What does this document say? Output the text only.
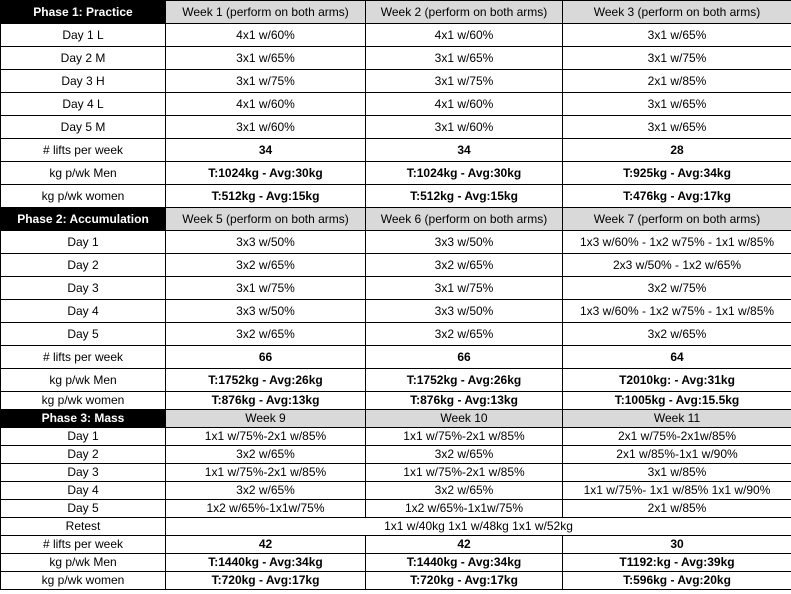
Phase 1: Practice	Week 1 (perform on both arms)	Week 2 (perform on both arms)	Week 3 (perform on both arms)
Day 1 L	4x1 w/60%	4x1 w/60%	3x1 w/65%
Day 2 M	3x1 w/65%	3x1 w/65%	3x1 w/75%
Day 3 H	3x1 w/75%	3x1 w/75%	2x1 w/85%
Day 4 L	4x1 w/60%	4x1 w/60%	3x1 w/65%
Day 5 M	3x1 w/60%	3x1 w/60%	3x1 w/65%
# lifts per week	34	34	28
kg p/wk Men	T:1024kg - Avg:30kg	T:1024kg - Avg:30kg	T:925kg - Avg:34kg
kg p/wk women	T:512kg - Avg:15kg	T:512kg - Avg:15kg	T:476kg - Avg:17kg
Phase 2: Accumulation	Week 5 (perform on both arms)	Week 6 (perform on both arms)	Week 7 (perform on both arms)
Day 1	3x3 w/50%	3x3 w/50%	1x3 w/60% - 1x2 w75% - 1x1 w/85%
Day 2	3x2 w/65%	3x2 w/65%	2x3 w/50% - 1x2 w/65%
Day 3	3x1 w/75%	3x1 w/75%	3x2 w/75%
Day 4	3x3 w/50%	3x3 w/50%	1x3 w/60% - 1x2 w75% - 1x1 w/85%
Day 5	3x2 w/65%	3x2 w/65%	3x2 w/65%
# lifts per week	66	66	64
kg p/wk Men	T:1752kg - Avg:26kg	T:1752kg - Avg:26kg	T2010kg: - Avg:31kg
kg p/wk women	T:876kg - Avg:13kg	T:876kg - Avg:13kg	T:1005kg - Avg:15.5kg
Phase 3: Mass	Week 9	Week 10	Week 11
Day 1	1x1 w/75%-2x1 w/85%	1x1 w/75%-2x1 w/85%	2x1 w/75%-2x1w/85%
Day 2	3x2 w/65%	3x2 w/65%	2x1 w/85%-1x1 w/90%
Day 3	1x1 w/75%-2x1 w/85%	1x1 w/75%-2x1 w/85%	3x1 w/85%
Day 4	3x2 w/65%	3x2 w/65%	1x1 w/75%- 1x1 w/85% 1x1 w/90%
Day 5	1x2 w/65%-1x1w/75%	1x2 w/65%-1x1w/75%	2x1 w/85%
Retest	1x1 w/40kg 1x1 w/48kg 1x1 w/52kg		
# lifts per week	42	42	30
kg p/wk Men	T:1440kg - Avg:34kg	T:1440kg - Avg:34kg	T1192:kg - Avg:39kg
kg p/wk women	T:720kg - Avg:17kg	T:720kg - Avg:17kg	T:596kg - Avg:20kg
